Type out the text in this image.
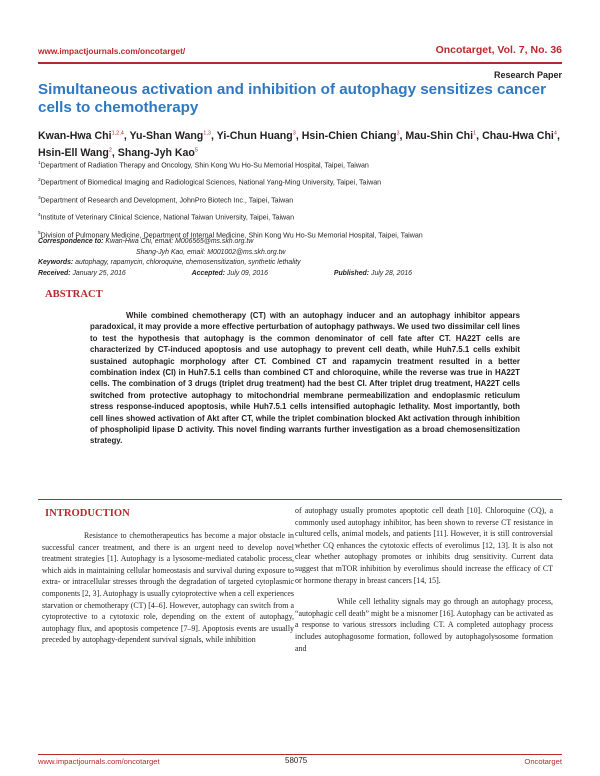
www.impactjournals.com/oncotarget/	Oncotarget, Vol. 7, No. 36
Research Paper
Simultaneous activation and inhibition of autophagy sensitizes cancer cells to chemotherapy
Kwan-Hwa Chi$^{1,2,4}$, Yu-Shan Wang$^{1,3}$, Yi-Chun Huang$^3$, Hsin-Chien Chiang$^3$, Mau-Shin Chi$^1$, Chau-Hwa Chi$^4$, Hsin-Ell Wang$^2$, Shang-Jyh Kao$^5$
$^1$Department of Radiation Therapy and Oncology, Shin Kong Wu Ho-Su Memorial Hospital, Taipei, Taiwan
$^2$Department of Biomedical Imaging and Radiological Sciences, National Yang-Ming University, Taipei, Taiwan
$^3$Department of Research and Development, JohnPro Biotech Inc., Taipei, Taiwan
$^4$Institute of Veterinary Clinical Science, National Taiwan University, Taipei, Taiwan
$^5$Division of Pulmonary Medicine, Department of Internal Medicine, Shin Kong Wu Ho-Su Memorial Hospital, Taipei, Taiwan
Correspondence to: Kwan-Hwa Chi, email: M006565@ms.skh.org.tw
Shang-Jyh Kao, email: M001002@ms.skh.org.tw
Keywords: autophagy, rapamycin, chloroquine, chemosensitization, synthetic lethality
Received: January 25, 2016	Accepted: July 09, 2016	Published: July 28, 2016
ABSTRACT

While combined chemotherapy (CT) with an autophagy inducer and an autophagy inhibitor appears paradoxical, it may provide a more effective perturbation of autophagy pathways. We used two dissimilar cell lines to test the hypothesis that autophagy is the common denominator of cell fate after CT. HA22T cells are characterized by CT-induced apoptosis and use autophagy to prevent cell death, while Huh7.5.1 cells exhibit sustained autophagic morphology after CT. Combined CT and rapamycin treatment resulted in a better combination index (CI) in Huh7.5.1 cells than combined CT and chloroquine, while the reverse was true in HA22T cells. The combination of 3 drugs (triplet drug treatment) had the best CI. After triplet drug treatment, HA22T cells switched from protective autophagy to mitochondrial membrane permeabilization and endoplasmic reticulum stress response-induced apoptosis, while Huh7.5.1 cells intensified autophagic lethality. Most importantly, both cell lines showed activation of Akt after CT, while the triplet combination blocked Akt activation through inhibition of phospholipid lipase D activity. This novel finding warrants further investigation as a broad chemosensitization strategy.

INTRODUCTION

Resistance to chemotherapeutics has become a major obstacle in successful cancer treatment, and there is an urgent need to develop novel treatment strategies [1]. Autophagy is a lysosome-mediated catabolic process, which aids in maintaining cellular homeostasis and survival during exposure to extra- or intracellular stresses through the degradation of targeted cytoplasmic components [2, 3]. Autophagy is usually cytoprotective when a cell experiences starvation or chemotherapy (CT) [4–6]. However, autophagy can switch from a cytoprotective to a cytotoxic role, depending on the extent of autophagy, autophagy flux, and apoptosis competence [7–9]. Apoptosis events are usually preceded by autophagy-dependent survival signals, while inhibition

of autophagy usually promotes apoptotic cell death [10]. Chloroquine (CQ), a commonly used autophagy inhibitor, has been shown to reverse CT resistance in cultured cells, animal models, and patients [11]. However, it is still controversial whether CQ enhances the cytotoxic effects of everolimus [12, 13]. It is also not clear whether autophagy promotes or inhibits drug sensitivity. Current data suggest that mTOR inhibition by everolimus should increase the efficacy of CT or hormone therapy in breast cancers [14, 15].

While cell lethality signals may go through an autophagy process, “autophagic cell death” might be a misnomer [16]. Autophagy can be activated as a response to various stressors including CT. A completed autophagy process includes autophagosome formation, followed by autophagolysosome formation and

www.impactjournals.com/oncotarget	58075	Oncotarget
